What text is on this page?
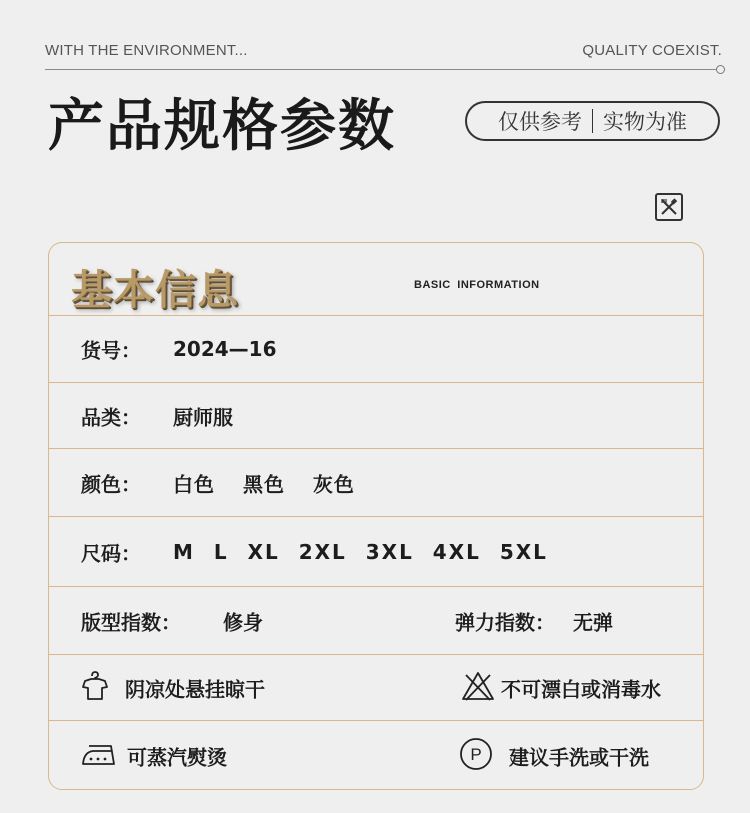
WITH THE ENVIRONMENT...	QUALITY COEXIST.
产品规格参数	仅供参考 实物为准
基本信息	BASIC INFORMATION
货号： 2024—16
品类： 厨师服
颜色： 白色 黑色 灰色
尺码： M L XL 2XL 3XL 4XL 5XL
版型指数： 修身	弹力指数： 无弹
阴凉处悬挂晾干	不可漂白或消毒水
可蒸汽熨烫	P 建议手洗或干洗
